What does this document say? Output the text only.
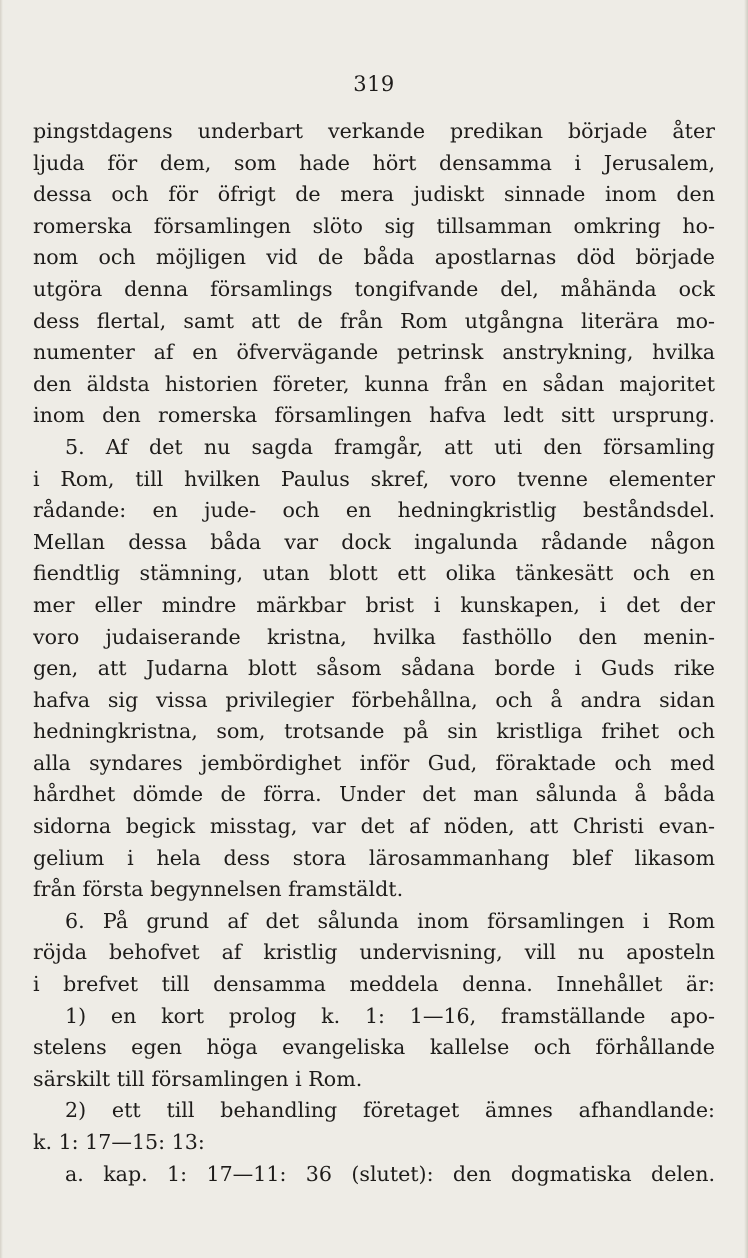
319
pingstdagens underbart verkande predikan började åter
ljuda för dem, som hade hört densamma i Jerusalem,
dessa och för öfrigt de mera judiskt sinnade inom den
romerska församlingen slöto sig tillsamman omkring ho-
nom och möjligen vid de båda apostlarnas död började
utgöra denna församlings tongifvande del, måhända ock
dess flertal, samt att de från Rom utgångna literära mo-
numenter af en öfvervägande petrinsk anstrykning, hvilka
den äldsta historien företer, kunna från en sådan majoritet
inom den romerska församlingen hafva ledt sitt ursprung.
5. Af det nu sagda framgår, att uti den församling
i Rom, till hvilken Paulus skref, voro tvenne elementer
rådande: en jude- och en hedningkristlig beståndsdel.
Mellan dessa båda var dock ingalunda rådande någon
fiendtlig stämning, utan blott ett olika tänkesätt och en
mer eller mindre märkbar brist i kunskapen, i det der
voro judaiserande kristna, hvilka fasthöllo den menin-
gen, att Judarna blott såsom sådana borde i Guds rike
hafva sig vissa privilegier förbehållna, och å andra sidan
hedningkristna, som, trotsande på sin kristliga frihet och
alla syndares jembördighet inför Gud, föraktade och med
hårdhet dömde de förra. Under det man sålunda å båda
sidorna begick misstag, var det af nöden, att Christi evan-
gelium i hela dess stora lärosammanhang blef likasom
från första begynnelsen framstäldt.
6. På grund af det sålunda inom församlingen i Rom
röjda behofvet af kristlig undervisning, vill nu aposteln
i brefvet till densamma meddela denna. Innehållet är:
1) en kort prolog k. 1: 1—16, framställande apo-
stelens egen höga evangeliska kallelse och förhållande
särskilt till församlingen i Rom.
2) ett till behandling företaget ämnes afhandlande:
k. 1: 17—15: 13:
a. kap. 1: 17—11: 36 (slutet): den dogmatiska delen.
